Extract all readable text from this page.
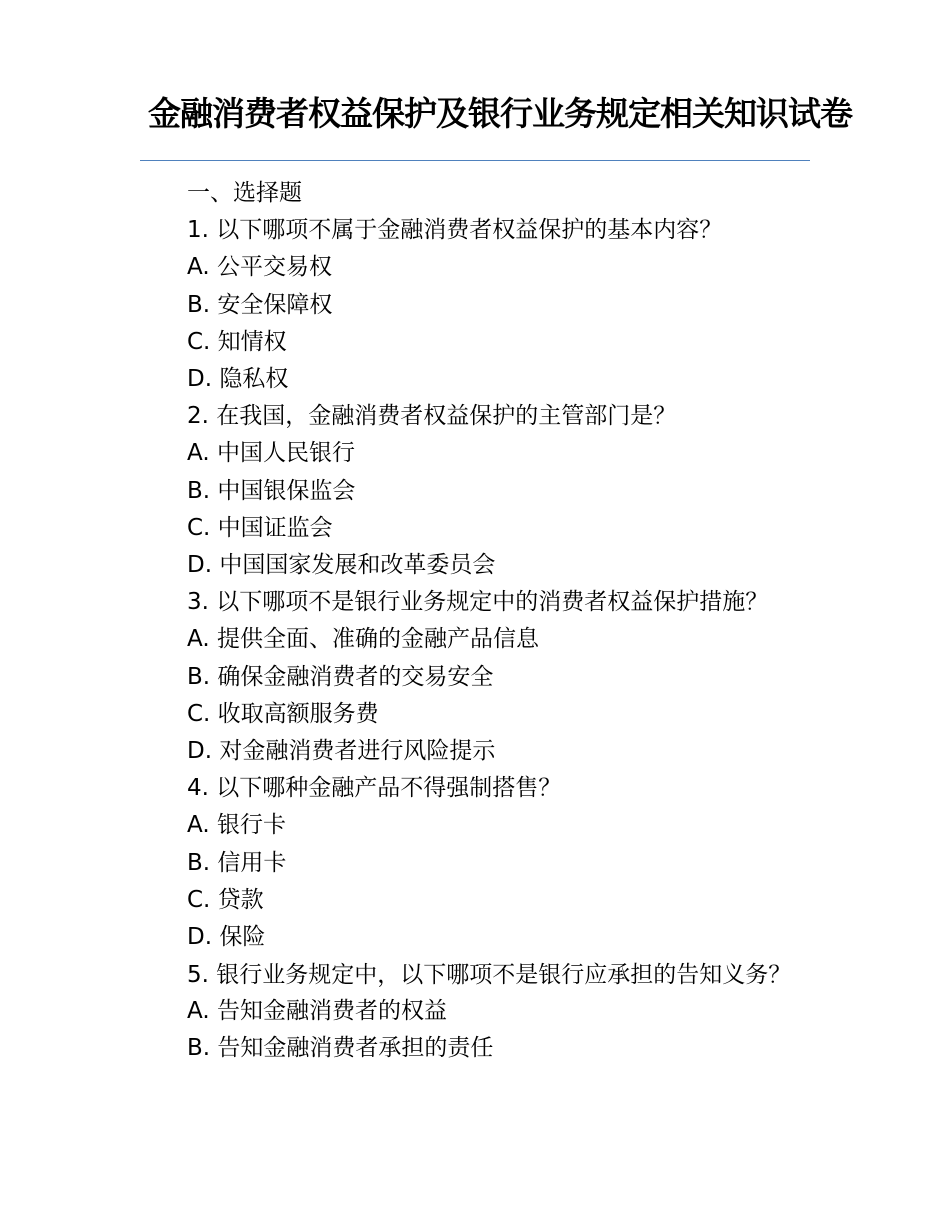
金融消费者权益保护及银行业务规定相关知识试卷
一、选择题
1. 以下哪项不属于金融消费者权益保护的基本内容？
A. 公平交易权
B. 安全保障权
C. 知情权
D. 隐私权
2. 在我国，金融消费者权益保护的主管部门是？
A. 中国人民银行
B. 中国银保监会
C. 中国证监会
D. 中国国家发展和改革委员会
3. 以下哪项不是银行业务规定中的消费者权益保护措施？
A. 提供全面、准确的金融产品信息
B. 确保金融消费者的交易安全
C. 收取高额服务费
D. 对金融消费者进行风险提示
4. 以下哪种金融产品不得强制搭售？
A. 银行卡
B. 信用卡
C. 贷款
D. 保险
5. 银行业务规定中，以下哪项不是银行应承担的告知义务？
A. 告知金融消费者的权益
B. 告知金融消费者承担的责任
